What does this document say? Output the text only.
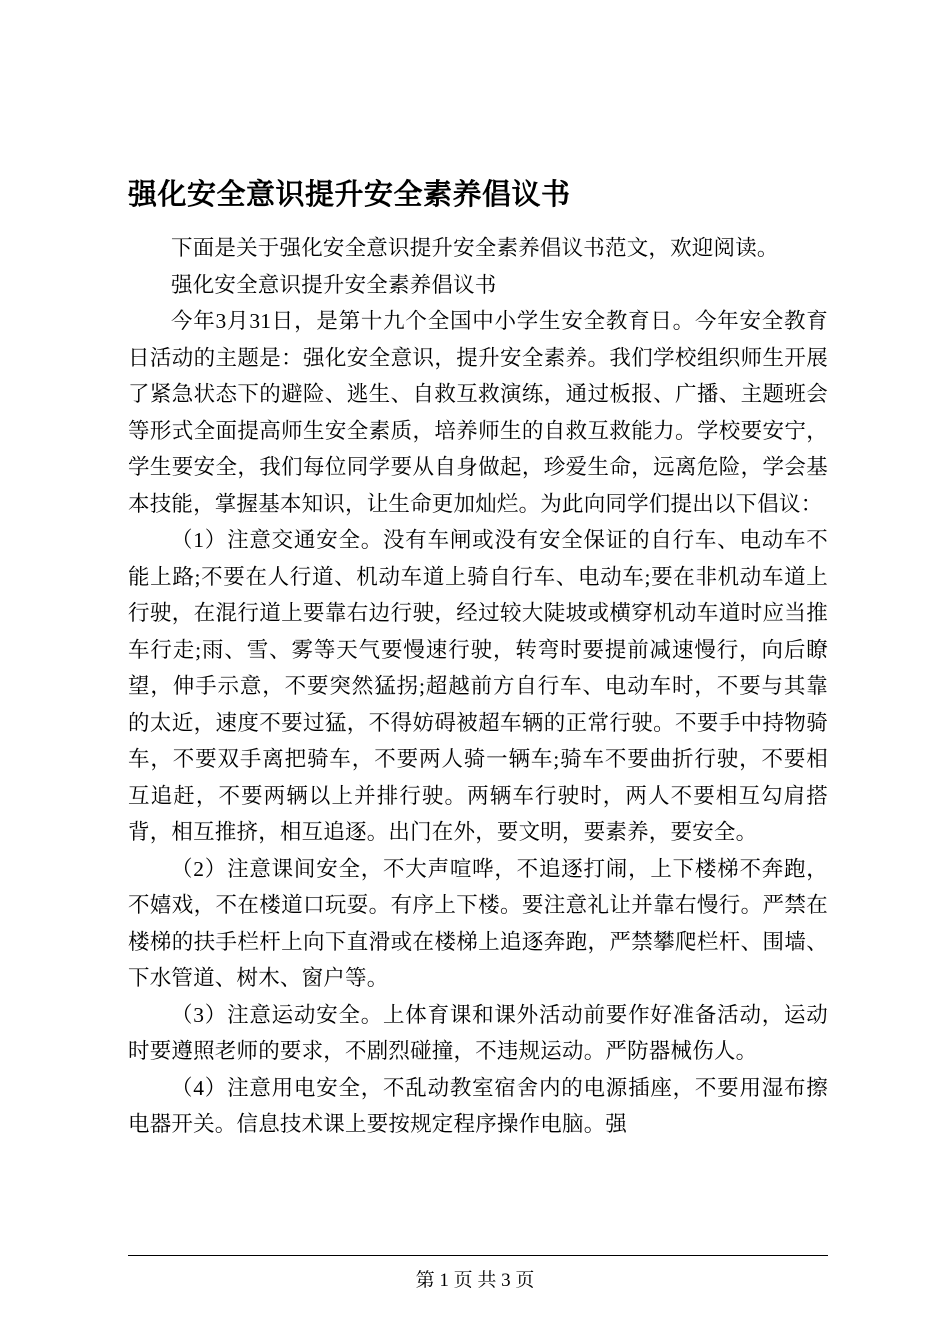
强化安全意识提升安全素养倡议书

下面是关于强化安全意识提升安全素养倡议书范文，欢迎阅读。

强化安全意识提升安全素养倡议书

今年3月31日，是第十九个全国中小学生安全教育日。今年安全教育日活动的主题是：强化安全意识，提升安全素养。我们学校组织师生开展了紧急状态下的避险、逃生、自救互救演练，通过板报、广播、主题班会等形式全面提高师生安全素质，培养师生的自救互救能力。学校要安宁，学生要安全，我们每位同学要从自身做起，珍爱生命，远离危险，学会基本技能，掌握基本知识，让生命更加灿烂。为此向同学们提出以下倡议：

（1）注意交通安全。没有车闸或没有安全保证的自行车、电动车不能上路;不要在人行道、机动车道上骑自行车、电动车;要在非机动车道上行驶，在混行道上要靠右边行驶，经过较大陡坡或横穿机动车道时应当推车行走;雨、雪、雾等天气要慢速行驶，转弯时要提前减速慢行，向后瞭望，伸手示意，不要突然猛拐;超越前方自行车、电动车时，不要与其靠的太近，速度不要过猛，不得妨碍被超车辆的正常行驶。不要手中持物骑车，不要双手离把骑车，不要两人骑一辆车;骑车不要曲折行驶，不要相互追赶，不要两辆以上并排行驶。两辆车行驶时，两人不要相互勾肩搭背，相互推挤，相互追逐。出门在外，要文明，要素养，要安全。

（2）注意课间安全，不大声喧哗，不追逐打闹，上下楼梯不奔跑，不嬉戏，不在楼道口玩耍。有序上下楼。要注意礼让并靠右慢行。严禁在楼梯的扶手栏杆上向下直滑或在楼梯上追逐奔跑，严禁攀爬栏杆、围墙、下水管道、树木、窗户等。

（3）注意运动安全。上体育课和课外活动前要作好准备活动，运动时要遵照老师的要求，不剧烈碰撞，不违规运动。严防器械伤人。

（4）注意用电安全，不乱动教室宿舍内的电源插座，不要用湿布擦电器开关。信息技术课上要按规定程序操作电脑。强

第 1 页 共 3 页
